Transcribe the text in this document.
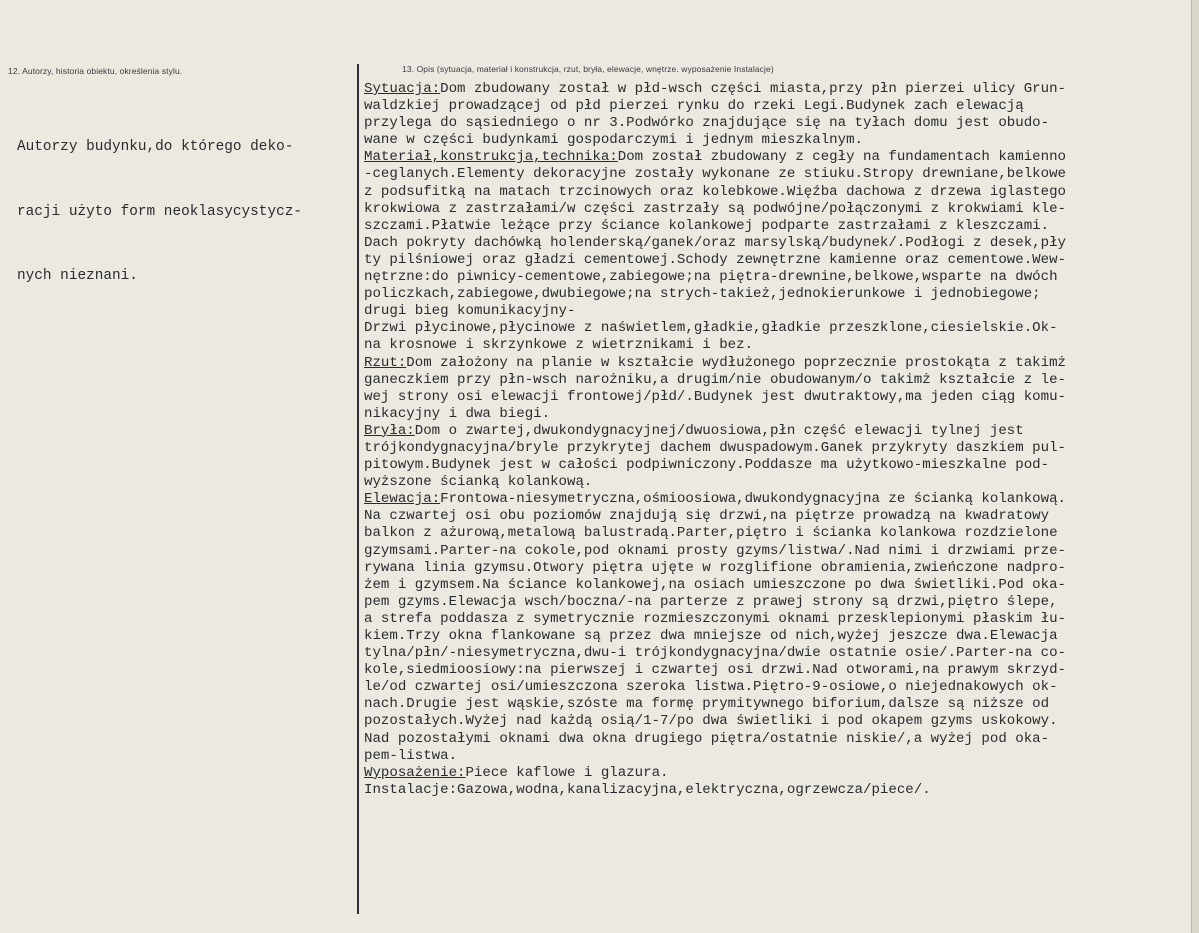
12. Autorzy, historia obiektu, określenia stylu.

Autorzy budynku,do którego deko-

racji użyto form neoklasycystycz-

nych nieznani.

13. Opis (sytuacja, materiał i konstrukcja, rzut, bryła, elewacje, wnętrze. wyposażenie Instalacje)
Sytuacja:Dom zbudowany został w płd-wsch części miasta,przy płn pierzei ulicy Grun-
waldzkiej prowadzącej od płd pierzei rynku do rzeki Legi.Budynek zach elewacją
przylega do sąsiedniego o nr 3.Podwórko znajdujące się na tyłach domu jest obudo-
wane w części budynkami gospodarczymi i jednym mieszkalnym.
Materiał,konstrukcja,technika:Dom został zbudowany z cegły na fundamentach kamienno
-ceglanych.Elementy dekoracyjne zostały wykonane ze stiuku.Stropy drewniane,belkowe
z podsufitką na matach trzcinowych oraz kolebkowe.Więźba dachowa z drzewa iglastego
krokwiowa z zastrzałami/w części zastrzały są podwójne/połączonymi z krokwiami kle-
szczami.Płatwie leżące przy ściance kolankowej podparte zastrzałami z kleszczami.
Dach pokryty dachówką holenderską/ganek/oraz marsylską/budynek/.Podłogi z desek,pły
ty pilśniowej oraz gładzi cementowej.Schody zewnętrzne kamienne oraz cementowe.Wew-
nętrzne:do piwnicy-cementowe,zabiegowe;na piętra-drewnine,belkowe,wsparte na dwóch
policzkach,zabiegowe,dwubiegowe;na strych-takież,jednokierunkowe i jednobiegowe;
drugi bieg komunikacyjny-
Drzwi płycinowe,płycinowe z naświetlem,gładkie,gładkie przeszklone,ciesielskie.Ok-
na krosnowe i skrzynkowe z wietrznikami i bez.
Rzut:Dom założony na planie w kształcie wydłużonego poprzecznie prostokąta z takimż
ganeczkiem przy płn-wsch narożniku,a drugim/nie obudowanym/o takimż kształcie z le-
wej strony osi elewacji frontowej/płd/.Budynek jest dwutraktowy,ma jeden ciąg komu-
nikacyjny i dwa biegi.
Bryła:Dom o zwartej,dwukondygnacyjnej/dwuosiowa,płn część elewacji tylnej jest
trójkondygnacyjna/bryle przykrytej dachem dwuspadowym.Ganek przykryty daszkiem pul-
pitowym.Budynek jest w całości podpiwniczony.Poddasze ma użytkowo-mieszkalne pod-
wyższone ścianką kolankową.
Elewacja:Frontowa-niesymetryczna,ośmioosiowa,dwukondygnacyjna ze ścianką kolankową.
Na czwartej osi obu poziomów znajdują się drzwi,na piętrze prowadzą na kwadratowy
balkon z ażurową,metalową balustradą.Parter,piętro i ścianka kolankowa rozdzielone
gzymsami.Parter-na cokole,pod oknami prosty gzyms/listwa/.Nad nimi i drzwiami prze-
rywana linia gzymsu.Otwory piętra ujęte w rozglifione obramienia,zwieńczone nadpro-
żem i gzymsem.Na ściance kolankowej,na osiach umieszczone po dwa świetliki.Pod oka-
pem gzyms.Elewacja wsch/boczna/-na parterze z prawej strony są drzwi,piętro ślepe,
a strefa poddasza z symetrycznie rozmieszczonymi oknami przesklepionymi płaskim łu-
kiem.Trzy okna flankowane są przez dwa mniejsze od nich,wyżej jeszcze dwa.Elewacja
tylna/płn/-niesymetryczna,dwu-i trójkondygnacyjna/dwie ostatnie osie/.Parter-na co-
kole,siedmioosiowy:na pierwszej i czwartej osi drzwi.Nad otworami,na prawym skrzyd-
le/od czwartej osi/umieszczona szeroka listwa.Piętro-9-osiowe,o niejednakowych ok-
nach.Drugie jest wąskie,szóste ma formę prymitywnego biforium,dalsze są niższe od
pozostałych.Wyżej nad każdą osią/1-7/po dwa świetliki i pod okapem gzyms uskokowy.
Nad pozostałymi oknami dwa okna drugiego piętra/ostatnie niskie/,a wyżej pod oka-
pem-listwa.
Wyposażenie:Piece kaflowe i glazura.
Instalacje:Gazowa,wodna,kanalizacyjna,elektryczna,ogrzewcza/piece/.
